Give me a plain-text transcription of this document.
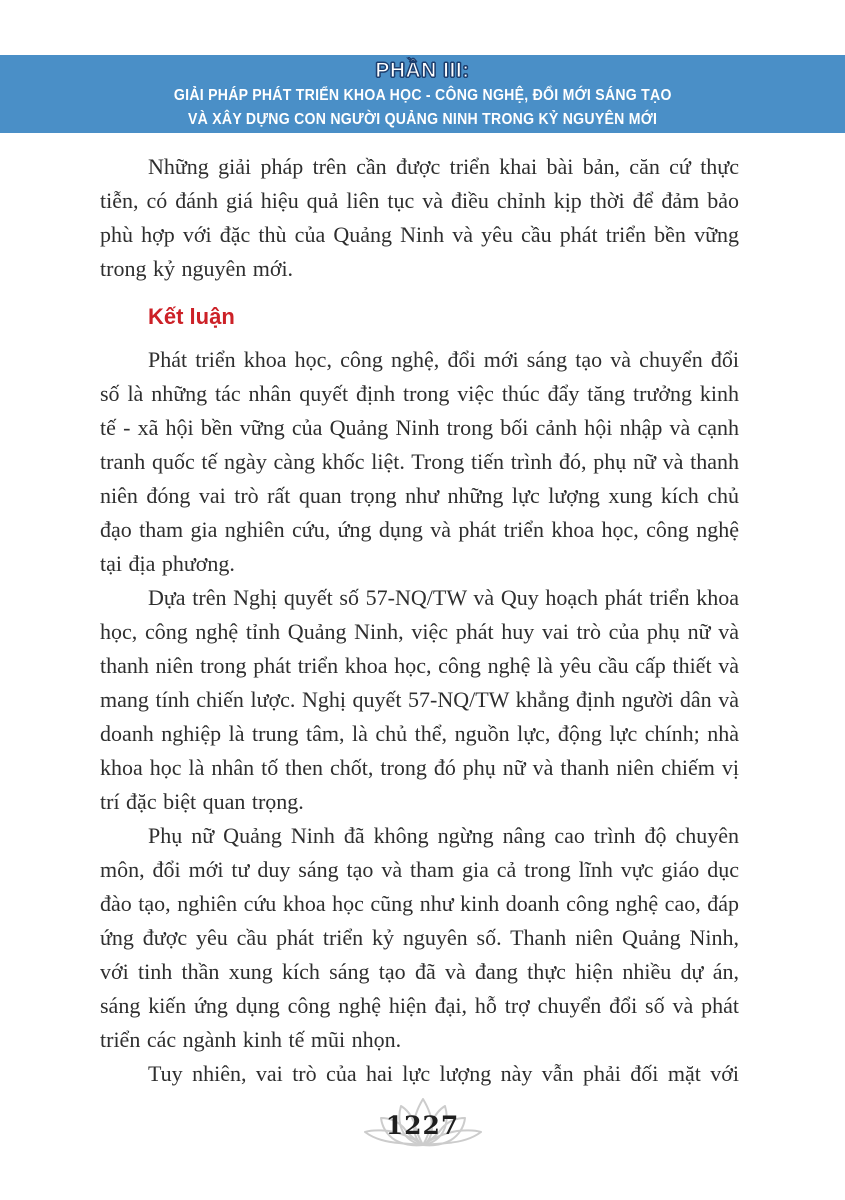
PHẦN III:
GIẢI PHÁP PHÁT TRIỂN KHOA HỌC - CÔNG NGHỆ, ĐỔI MỚI SÁNG TẠO
VÀ XÂY DỰNG CON NGƯỜI QUẢNG NINH TRONG KỶ NGUYÊN MỚI

Những giải pháp trên cần được triển khai bài bản, căn cứ thực tiễn, có đánh giá hiệu quả liên tục và điều chỉnh kịp thời để đảm bảo phù hợp với đặc thù của Quảng Ninh và yêu cầu phát triển bền vững trong kỷ nguyên mới.

Kết luận

Phát triển khoa học, công nghệ, đổi mới sáng tạo và chuyển đổi số là những tác nhân quyết định trong việc thúc đẩy tăng trưởng kinh tế - xã hội bền vững của Quảng Ninh trong bối cảnh hội nhập và cạnh tranh quốc tế ngày càng khốc liệt. Trong tiến trình đó, phụ nữ và thanh niên đóng vai trò rất quan trọng như những lực lượng xung kích chủ đạo tham gia nghiên cứu, ứng dụng và phát triển khoa học, công nghệ tại địa phương.

Dựa trên Nghị quyết số 57-NQ/TW và Quy hoạch phát triển khoa học, công nghệ tỉnh Quảng Ninh, việc phát huy vai trò của phụ nữ và thanh niên trong phát triển khoa học, công nghệ là yêu cầu cấp thiết và mang tính chiến lược. Nghị quyết 57-NQ/TW khẳng định người dân và doanh nghiệp là trung tâm, là chủ thể, nguồn lực, động lực chính; nhà khoa học là nhân tố then chốt, trong đó phụ nữ và thanh niên chiếm vị trí đặc biệt quan trọng.

Phụ nữ Quảng Ninh đã không ngừng nâng cao trình độ chuyên môn, đổi mới tư duy sáng tạo và tham gia cả trong lĩnh vực giáo dục đào tạo, nghiên cứu khoa học cũng như kinh doanh công nghệ cao, đáp ứng được yêu cầu phát triển kỷ nguyên số. Thanh niên Quảng Ninh, với tinh thần xung kích sáng tạo đã và đang thực hiện nhiều dự án, sáng kiến ứng dụng công nghệ hiện đại, hỗ trợ chuyển đổi số và phát triển các ngành kinh tế mũi nhọn.

Tuy nhiên, vai trò của hai lực lượng này vẫn phải đối mặt với

1227
